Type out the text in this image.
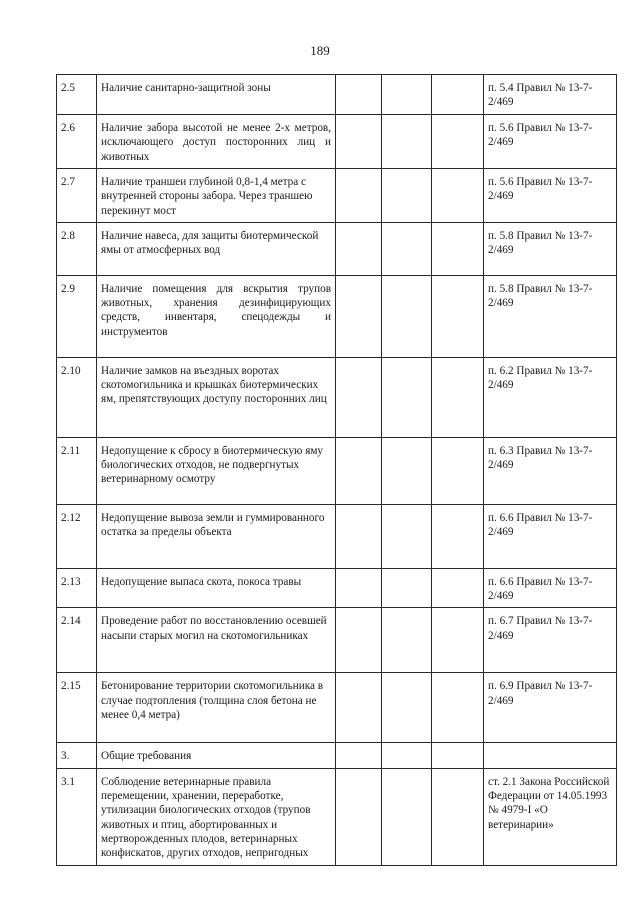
189
2.5	Наличие санитарно-защитной зоны				п. 5.4 Правил № 13-7-2/469
2.6	Наличие забора высотой не менее 2-х метров, исключающего доступ посторонних лиц и животных				п. 5.6 Правил № 13-7-2/469
2.7	Наличие траншеи глубиной 0,8-1,4 метра с внутренней стороны забора. Через траншею перекинут мост				п. 5.6 Правил № 13-7-2/469
2.8	Наличие навеса, для защиты биотермической ямы от атмосферных вод				п. 5.8 Правил № 13-7-2/469
2.9	Наличие помещения для вскрытия трупов животных, хранения дезинфицирующих средств, инвентаря, спецодежды и инструментов				п. 5.8 Правил № 13-7-2/469
2.10	Наличие замков на въездных воротах скотомогильника и крышках биотермических ям, препятствующих доступу посторонних лиц				п. 6.2 Правил № 13-7-2/469
2.11	Недопущение к сбросу в биотермическую яму биологических отходов, не подвергнутых ветеринарному осмотру				п. 6.3 Правил № 13-7-2/469
2.12	Недопущение вывоза земли и гуммированного остатка за пределы объекта				п. 6.6 Правил № 13-7-2/469
2.13	Недопущение выпаса скота, покоса травы				п. 6.6 Правил № 13-7-2/469
2.14	Проведение работ по восстановлению осевшей насыпи старых могил на скотомогильниках				п. 6.7 Правил № 13-7-2/469
2.15	Бетонирование территории скотомогильника в случае подтопления (толщина слоя бетона не менее 0,4 метра)				п. 6.9 Правил № 13-7-2/469
3.	Общие требования				
3.1	Соблюдение ветеринарные правила перемещении, хранении, переработке, утилизации биологических отходов (трупов животных и птиц, абортированных и мертворожденных плодов, ветеринарных конфискатов, других отходов, непригодных				ст. 2.1 Закона Российской Федерации от 14.05.1993 № 4979-I «О ветеринарии»
